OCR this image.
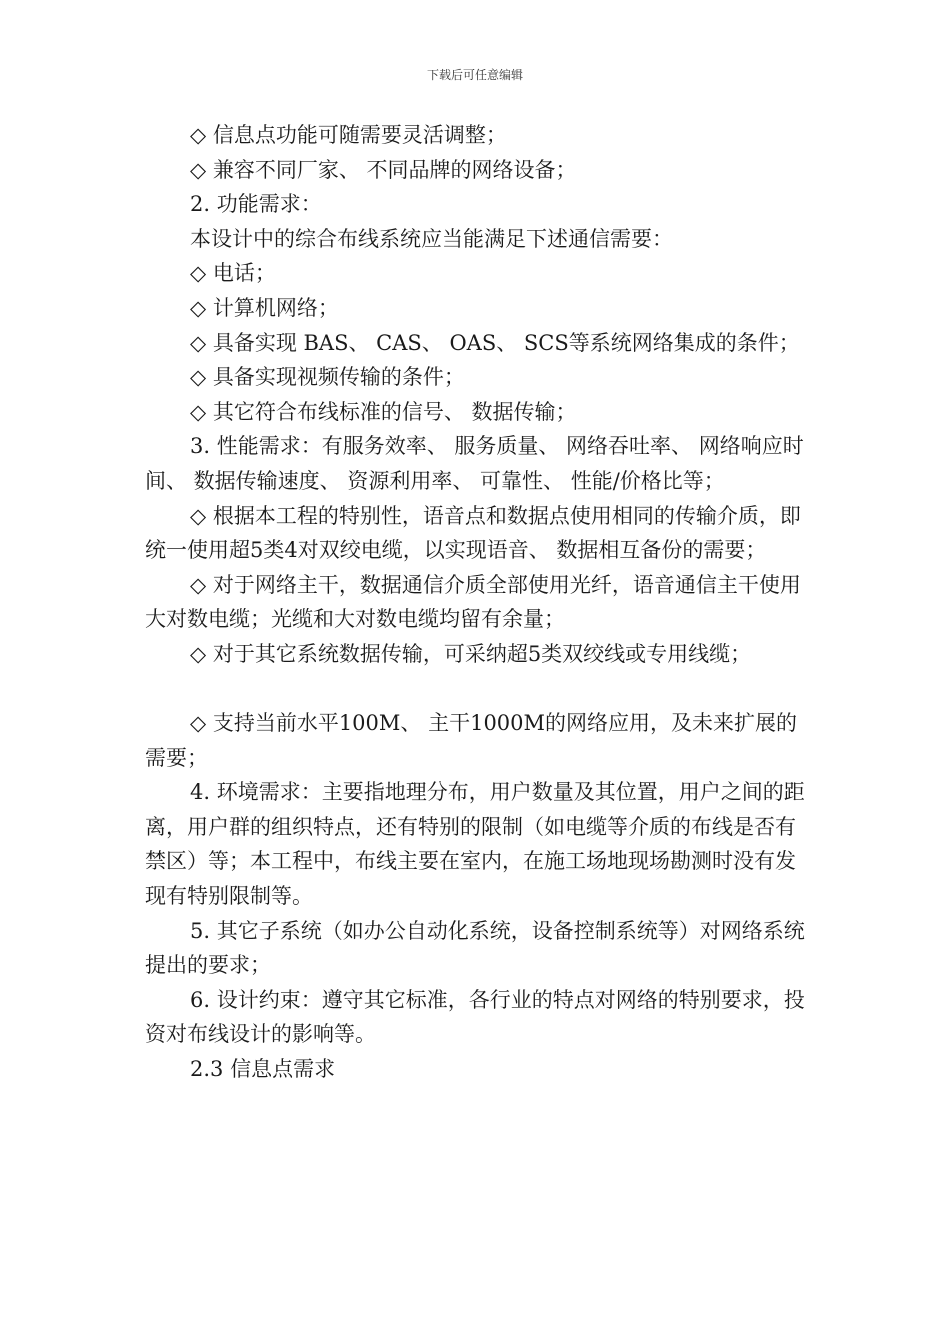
下载后可任意编辑

◇ 信息点功能可随需要灵活调整；

◇ 兼容不同厂家、 不同品牌的网络设备；

2. 功能需求：

本设计中的综合布线系统应当能满足下述通信需要：

◇ 电话；

◇ 计算机网络；

◇ 具备实现 BAS、 CAS、 OAS、 SCS等系统网络集成的条件；

◇ 具备实现视频传输的条件；

◇ 其它符合布线标准的信号、 数据传输；

3. 性能需求：有服务效率、 服务质量、 网络吞吐率、 网络响应时间、 数据传输速度、 资源利用率、 可靠性、 性能/价格比等；

◇ 根据本工程的特别性，语音点和数据点使用相同的传输介质，即统一使用超5类4对双绞电缆，以实现语音、 数据相互备份的需要；

◇ 对于网络主干，数据通信介质全部使用光纤，语音通信主干使用大对数电缆；光缆和大对数电缆均留有余量；

◇ 对于其它系统数据传输，可采纳超5类双绞线或专用线缆；

◇ 支持当前水平100M、 主干1000M的网络应用，及未来扩展的需要；

4. 环境需求：主要指地理分布，用户数量及其位置，用户之间的距离，用户群的组织特点，还有特别的限制（如电缆等介质的布线是否有禁区）等；本工程中，布线主要在室内，在施工场地现场勘测时没有发现有特别限制等。

5. 其它子系统（如办公自动化系统，设备控制系统等）对网络系统提出的要求；

6. 设计约束：遵守其它标准，各行业的特点对网络的特别要求，投资对布线设计的影响等。

2.3 信息点需求
